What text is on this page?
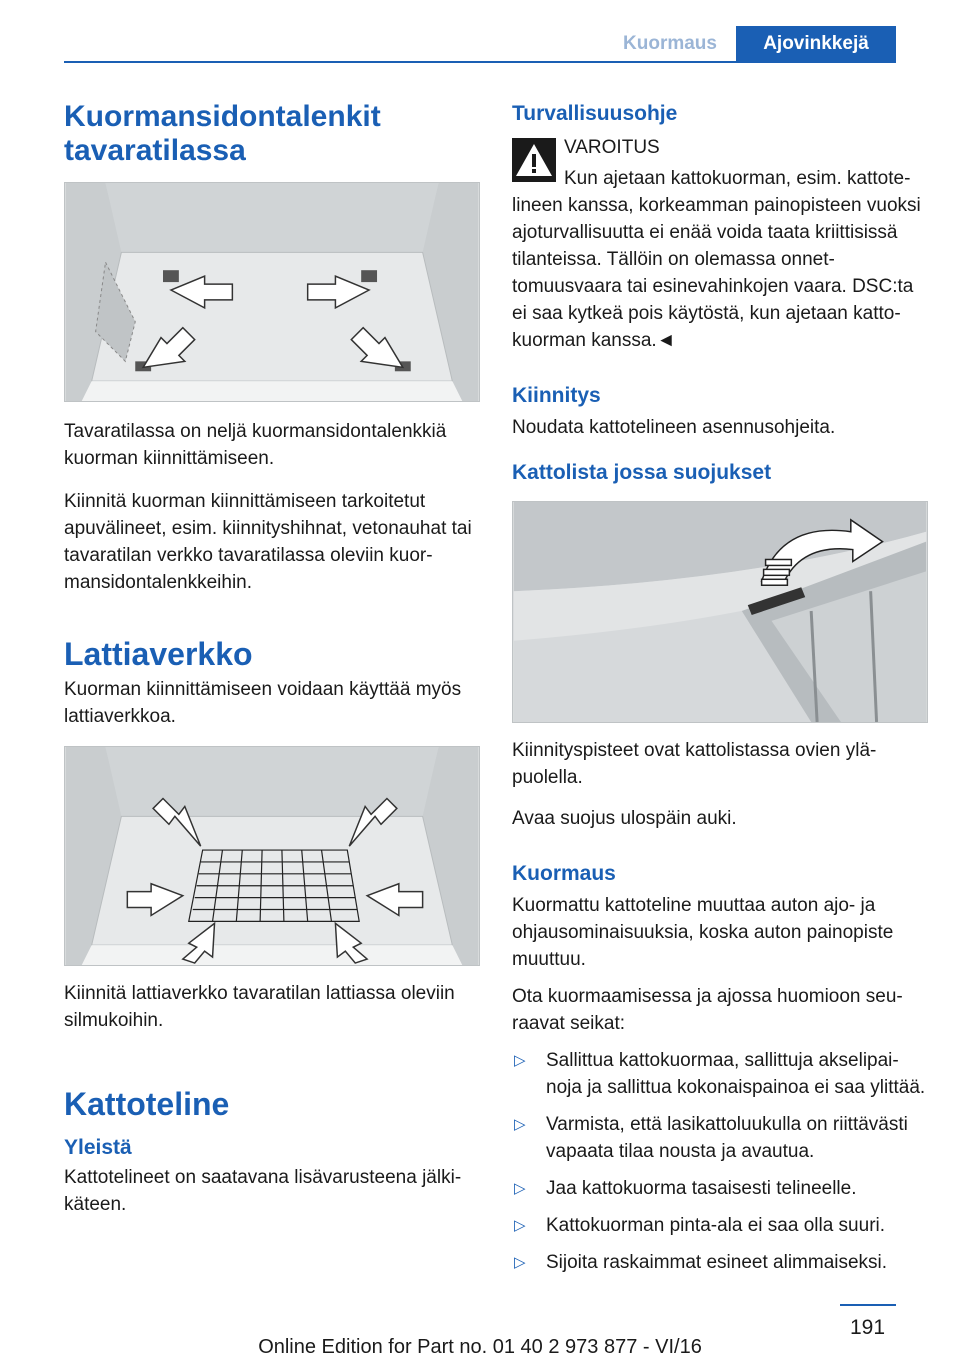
Kuormaus	Ajovinkkejä
Kuormansidontalenkit
tavaratilassa

Tavaratilassa on neljä kuormansidontalenkkiä kuorman kiinnittämiseen.

Kiinnitä kuorman kiinnittämiseen tarkoitetut apuvälineet, esim. kiinnityshihnat, vetonauhat tai tavaratilan verkko tavaratilassa oleviin kuormansidontalenkkeihin.

Lattiaverkko

Kuorman kiinnittämiseen voidaan käyttää myös lattiaverkkoa.

Kiinnitä lattiaverkko tavaratilan lattiassa oleviin silmukoihin.

Kattoteline
Yleistä

Kattotelineet on saatavana lisävarusteena jälkikäteen.

Turvallisuusohje
VAROITUS

Kun ajetaan kattokuorman, esim. kattotelineen kanssa, korkeamman painopisteen vuoksi ajoturvallisuutta ei enää voida taata kriittisissä tilanteissa. Tällöin on olemassa onnettomuusvaara tai esinevahinkojen vaara. DSC:ta ei saa kytkeä pois käytöstä, kun ajetaan kattokuorman kanssa.◄

Kiinnitys

Noudata kattotelineen asennusohjeita.

Kattolista jossa suojukset

Kiinnityspisteet ovat kattolistassa ovien yläpuolella.

Avaa suojus ulospäin auki.

Kuormaus

Kuormattu kattoteline muuttaa auton ajo- ja ohjausominaisuuksia, koska auton painopiste muuttuu.

Ota kuormaamisessa ja ajossa huomioon seuraavat seikat:

▷ Sallittua kattokuormaa, sallittuja akselipainoja ja sallittua kokonaispainoa ei saa ylittää.
▷ Varmista, että lasikattoluukulla on riittävästi vapaata tilaa nousta ja avautua.
▷ Jaa kattokuorma tasaisesti telineelle.
▷ Kattokuorman pinta-ala ei saa olla suuri.
▷ Sijoita raskaimmat esineet alimmaiseksi.
191
Online Edition for Part no. 01 40 2 973 877 - VI/16
